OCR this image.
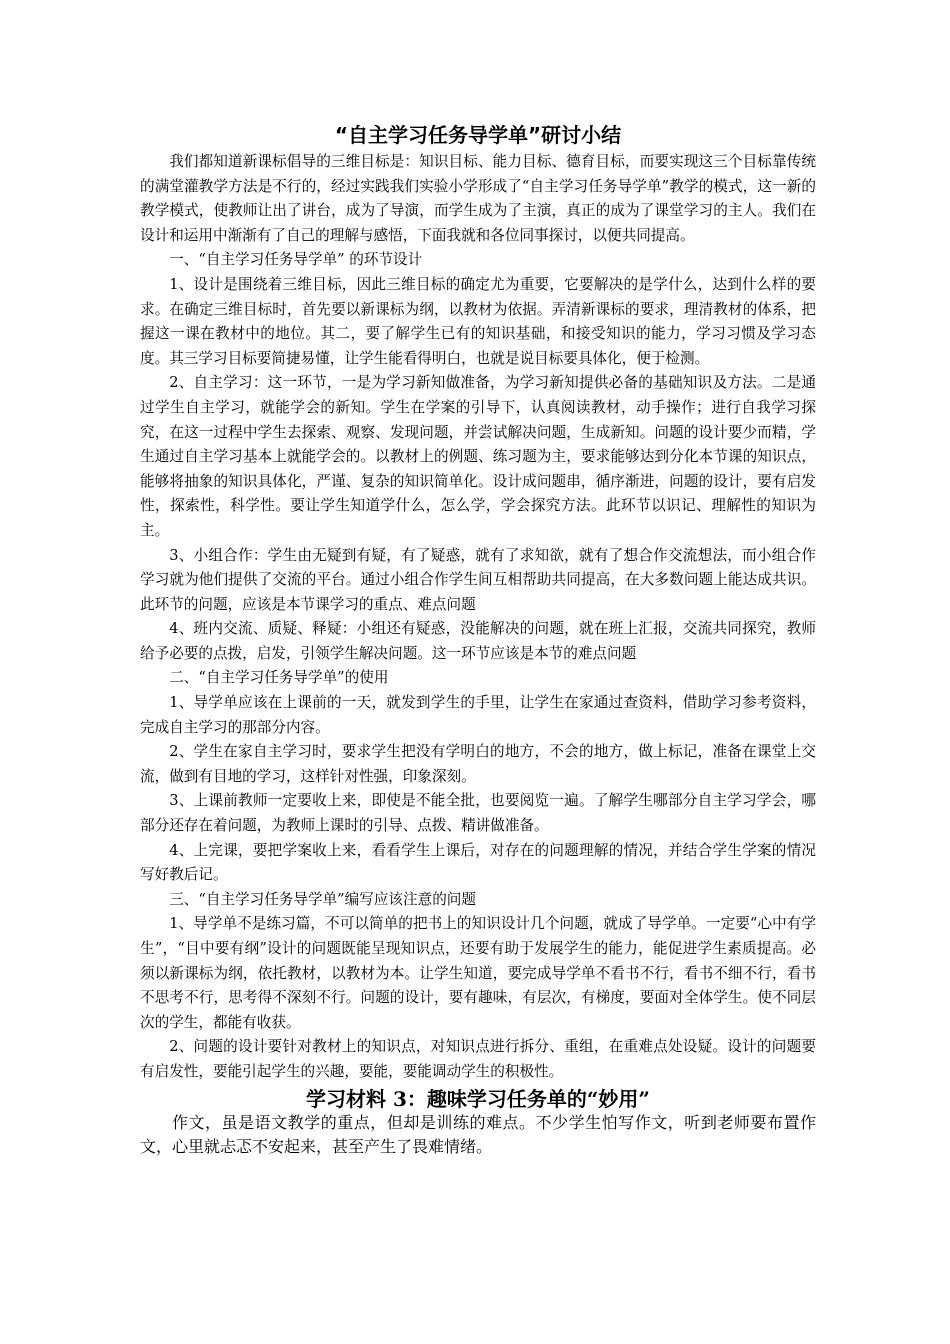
“自主学习任务导学单”研讨小结

我们都知道新课标倡导的三维目标是：知识目标、能力目标、德育目标，而要实现这三个目标靠传统的满堂灌教学方法是不行的，经过实践我们实验小学形成了“自主学习任务导学单”教学的模式，这一新的教学模式，使教师让出了讲台，成为了导演，而学生成为了主演，真正的成为了课堂学习的主人。我们在设计和运用中渐渐有了自己的理解与感悟，下面我就和各位同事探讨，以便共同提高。

一、“自主学习任务导学单” 的环节设计

1、设计是围绕着三维目标，因此三维目标的确定尤为重要，它要解决的是学什么，达到什么样的要求。在确定三维目标时，首先要以新课标为纲，以教材为依据。弄清新课标的要求，理清教材的体系，把握这一课在教材中的地位。其二，要了解学生已有的知识基础，和接受知识的能力，学习习惯及学习态度。其三学习目标要简捷易懂，让学生能看得明白，也就是说目标要具体化，便于检测。

2、自主学习：这一环节，一是为学习新知做准备，为学习新知提供必备的基础知识及方法。二是通过学生自主学习，就能学会的新知。学生在学案的引导下，认真阅读教材，动手操作；进行自我学习探究，在这一过程中学生去探索、观察、发现问题，并尝试解决问题，生成新知。问题的设计要少而精，学生通过自主学习基本上就能学会的。以教材上的例题、练习题为主，要求能够达到分化本节课的知识点，能够将抽象的知识具体化，严谨、复杂的知识简单化。设计成问题串，循序渐进，问题的设计，要有启发性，探索性，科学性。要让学生知道学什么，怎么学，学会探究方法。此环节以识记、理解性的知识为主。

3、小组合作：学生由无疑到有疑，有了疑惑，就有了求知欲，就有了想合作交流想法，而小组合作学习就为他们提供了交流的平台。通过小组合作学生间互相帮助共同提高，在大多数问题上能达成共识。此环节的问题，应该是本节课学习的重点、难点问题

4、班内交流、质疑、释疑：小组还有疑惑，没能解决的问题，就在班上汇报，交流共同探究，教师给予必要的点拨，启发，引领学生解决问题。这一环节应该是本节的难点问题

二、“自主学习任务导学单”的使用

1、导学单应该在上课前的一天，就发到学生的手里，让学生在家通过查资料，借助学习参考资料，完成自主学习的那部分内容。

2、学生在家自主学习时，要求学生把没有学明白的地方，不会的地方，做上标记，准备在课堂上交流，做到有目地的学习，这样针对性强，印象深刻。

3、上课前教师一定要收上来，即使是不能全批，也要阅览一遍。了解学生哪部分自主学习学会，哪部分还存在着问题，为教师上课时的引导、点拨、精讲做准备。

4、上完课，要把学案收上来，看看学生上课后，对存在的问题理解的情况，并结合学生学案的情况写好教后记。

三、“自主学习任务导学单”编写应该注意的问题

1、导学单不是练习篇，不可以简单的把书上的知识设计几个问题，就成了导学单。一定要“心中有学生”，“目中要有纲”设计的问题既能呈现知识点，还要有助于发展学生的能力，能促进学生素质提高。必须以新课标为纲，依托教材，以教材为本。让学生知道，要完成导学单不看书不行，看书不细不行，看书不思考不行，思考得不深刻不行。问题的设计，要有趣味，有层次，有梯度，要面对全体学生。使不同层次的学生，都能有收获。

2、问题的设计要针对教材上的知识点，对知识点进行拆分、重组，在重难点处设疑。设计的问题要有启发性，要能引起学生的兴趣，要能，要能调动学生的积极性。

学习材料 3：趣味学习任务单的“妙用”

作文，虽是语文教学的重点，但却是训练的难点。不少学生怕写作文，听到老师要布置作文，心里就忐忑不安起来，甚至产生了畏难情绪。
